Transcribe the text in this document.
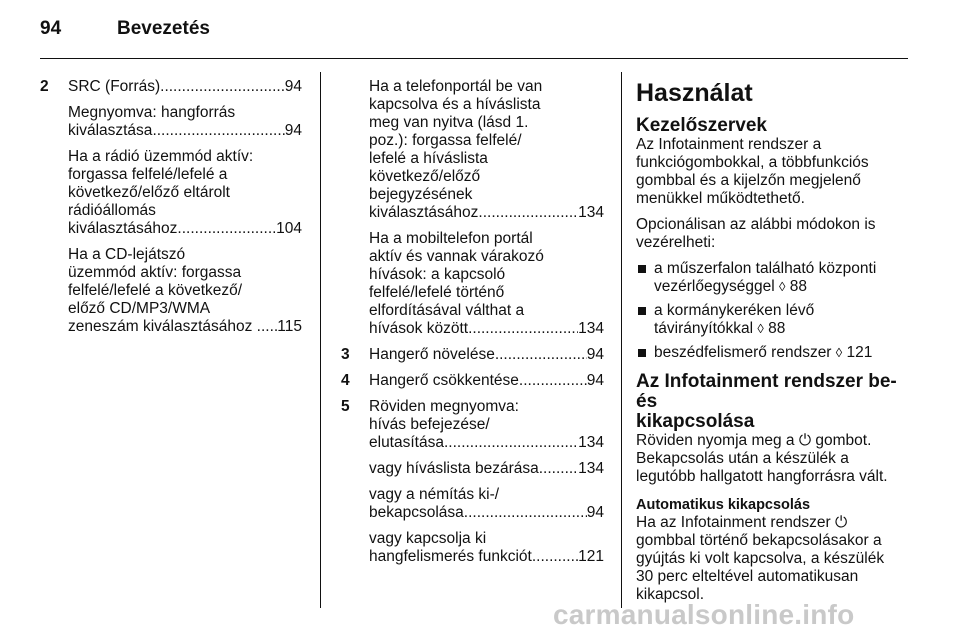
94	Bevezetés
2 SRC (Forrás) .....	94
Megnyomva: hangforrás
kiválasztása .....	94
Ha a rádió üzemmód aktív:
forgassa felfelé/lefelé a
következő/előző eltárolt
rádióállomás
kiválasztásához .....	104
Ha a CD-lejátszó
üzemmód aktív: forgassa
felfelé/lefelé a következő/
előző CD/MP3/WMA
zeneszám kiválasztásához . ..... 115
Ha a telefonportál be van
kapcsolva és a híváslista
meg van nyitva (lásd 1.
poz.): forgassa felfelé/
lefelé a híváslista
következő/előző
bejegyzésének
kiválasztásához .....	134
Ha a mobiltelefon portál
aktív és vannak várakozó
hívások: a kapcsoló
felfelé/lefelé történő
elfordításával válthat a
hívások között .....	134
3 Hangerő növelése .....	94
4 Hangerő csökkentése .....	94
5 Röviden megnyomva:
hívás befejezése/
elutasítása .....	134
vagy híváslista bezárása .....	134
vagy a némítás ki-/
bekapcsolása .....	94
vagy kapcsolja ki
hangfelismerés funkciót .....	121
Használat
Kezelőszervek
Az Infotainment rendszer a
funkciógombokkal, a többfunkciós
gombbal és a kijelzőn megjelenő
menükkel működtethető.
Opcionálisan az alábbi módokon is
vezérelheti:
a műszerfalon található központi
vezérlőegységgel ◊ 88
a kormánykeréken lévő
távirányítókkal ◊ 88
beszédfelismerő rendszer ◊ 121
Az Infotainment rendszer be- és
kikapcsolása
Röviden nyomja meg a ⏻ gombot.
Bekapcsolás után a készülék a
legutóbb hallgatott hangforrásra vált.
Automatikus kikapcsolás
Ha az Infotainment rendszer ⏻
gombbal történő bekapcsolásakor a
gyújtás ki volt kapcsolva, a készülék
30 perc elteltével automatikusan
kikapcsol.
carmanualsonline.info
